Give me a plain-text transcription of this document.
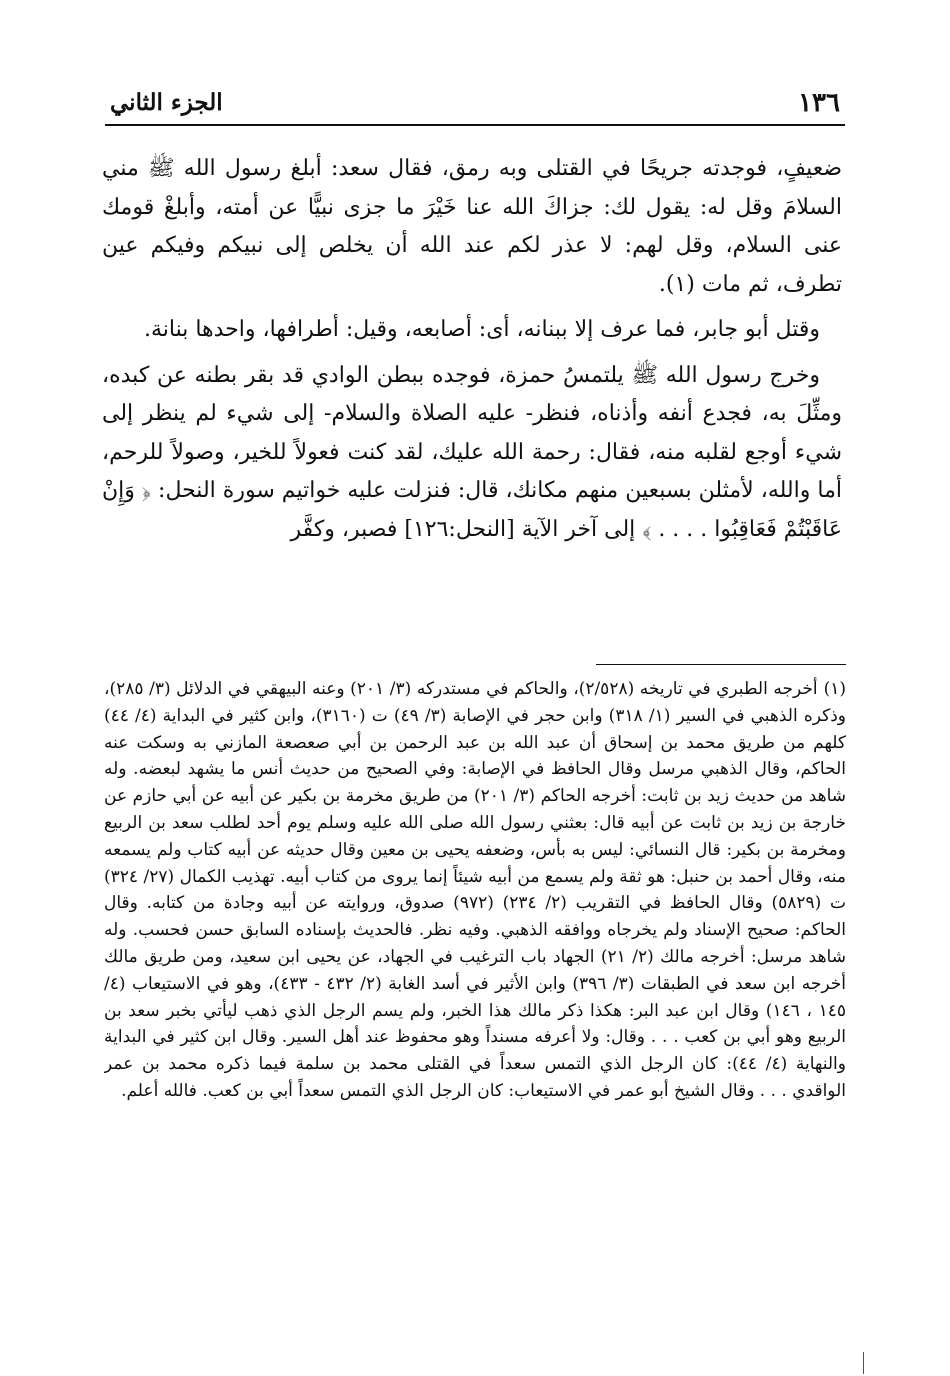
١٣٦
الجزء الثاني

ضعيفٍ، فوجدته جريحًا في القتلى وبه رمق، فقال سعد: أبلغ رسول الله ﷺ مني السلامَ وقل له: يقول لك: جزاكَ الله عنا خَيْرَ ما جزى نبيًّا عن أمته، وأبلغْ قومك عنى السلام، وقل لهم: لا عذر لكم عند الله أن يخلص إلى نبيكم وفيكم عين تطرف، ثم مات (١).

وقتل أبو جابر، فما عرف إلا ببنانه، أى: أصابعه، وقيل: أطرافها، واحدها بنانة.

وخرج رسول الله ﷺ يلتمسُ حمزة، فوجده ببطن الوادي قد بقر بطنه عن كبده، ومثِّلَ به، فجدع أنفه وأذناه، فنظر- عليه الصلاة والسلام- إلى شيء لم ينظر إلى شيء أوجع لقلبه منه، فقال: رحمة الله عليك، لقد كنت فعولاً للخير، وصولاً للرحم، أما والله، لأمثلن بسبعين منهم مكانك، قال: فنزلت عليه خواتيم سورة النحل: ﴿ وَإِنْ عَاقَبْتُمْ فَعَاقِبُوا . . . . ﴾ إلى آخر الآية [النحل:١٢٦] فصبر، وكفَّر

(١)أخرجه الطبري في تاريخه (٢/٥٢٨)، والحاكم في مستدركه (٣/ ٢٠١) وعنه البيهقي في الدلائل (٣/ ٢٨٥)، وذكره الذهبي في السير (١/ ٣١٨) وابن حجر في الإصابة (٣/ ٤٩) ت (٣١٦٠)، وابن كثير في البداية (٤/ ٤٤) كلهم من طريق محمد بن إسحاق أن عبد الله بن عبد الرحمن بن أبي صعصعة المازني به وسكت عنه الحاكم، وقال الذهبي مرسل وقال الحافظ في الإصابة: وفي الصحيح من حديث أنس ما يشهد لبعضه. وله شاهد من حديث زيد بن ثابت: أخرجه الحاكم (٣/ ٢٠١) من طريق مخرمة بن بكير عن أبيه عن أبي حازم عن خارجة بن زيد بن ثابت عن أبيه قال: بعثني رسول الله صلى الله عليه وسلم يوم أحد لطلب سعد بن الربيع ومخرمة بن بكير: قال النسائي: ليس به بأس، وضعفه يحيى بن معين وقال حديثه عن أبيه كتاب ولم يسمعه منه، وقال أحمد بن حنبل: هو ثقة ولم يسمع من أبيه شيئاً إنما يروى من كتاب أبيه. تهذيب الكمال (٢٧/ ٣٢٤) ت (٥٨٢٩) وقال الحافظ في التقريب (٢/ ٢٣٤) (٩٧٢) صدوق، وروايته عن أبيه وجادة من كتابه. وقال الحاكم: صحيح الإسناد ولم يخرجاه ووافقه الذهبي. وفيه نظر. فالحديث بإسناده السابق حسن فحسب. وله شاهد مرسل: أخرجه مالك (٢/ ٢١) الجهاد باب الترغيب في الجهاد، عن يحيى ابن سعيد، ومن طريق مالك أخرجه ابن سعد في الطبقات (٣/ ٣٩٦) وابن الأثير في أسد الغابة (٢/ ٤٣٢ - ٤٣٣)، وهو في الاستيعاب (٤/ ١٤٥ ، ١٤٦) وقال ابن عبد البر: هكذا ذكر مالك هذا الخبر، ولم يسم الرجل الذي ذهب ليأتي بخبر سعد بن الربيع وهو أبي بن كعب . . . وقال: ولا أعرفه مسنداً وهو محفوظ عند أهل السير. وقال ابن كثير في البداية والنهاية (٤/ ٤٤): كان الرجل الذي التمس سعداً في القتلى محمد بن سلمة فيما ذكره محمد بن عمر الواقدي . . . وقال الشيخ أبو عمر في الاستيعاب: كان الرجل الذي التمس سعداً أبي بن كعب. فالله أعلم.
